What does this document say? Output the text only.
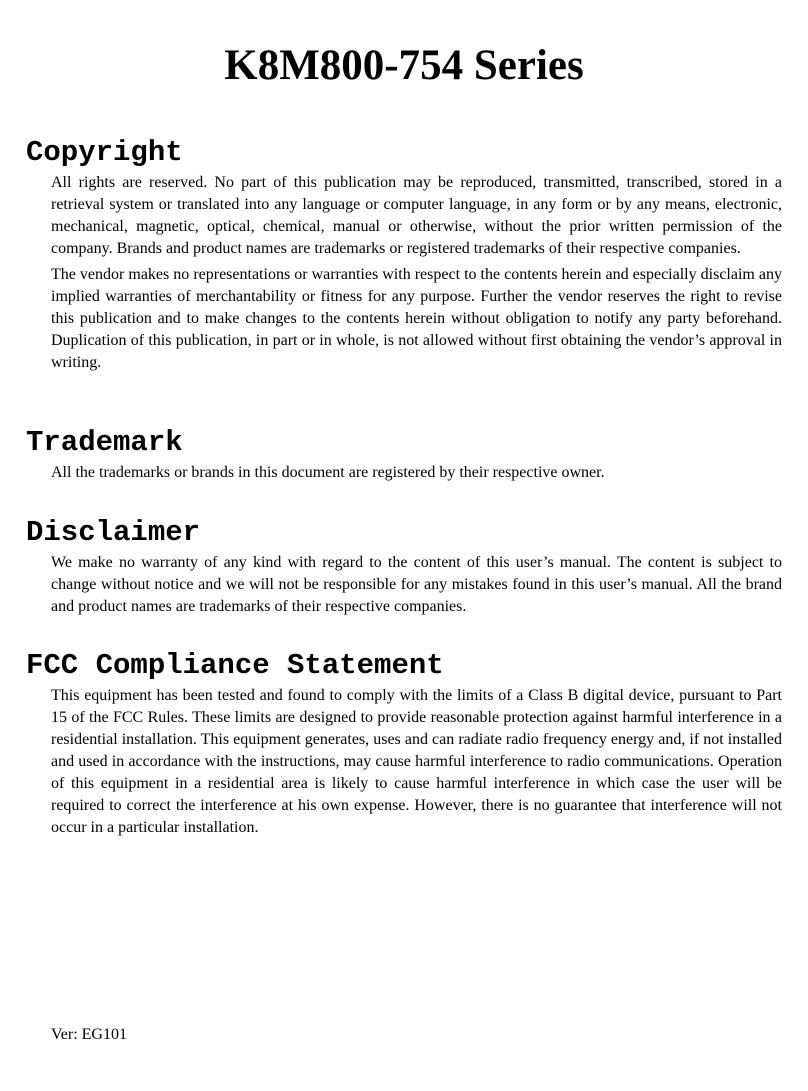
K8M800-754 Series
Copyright

All rights are reserved. No part of this publication may be reproduced, transmitted, transcribed, stored in a retrieval system or translated into any language or computer language, in any form or by any means, electronic, mechanical, magnetic, optical, chemical, manual or otherwise, without the prior written permission of the company. Brands and product names are trademarks or registered trademarks of their respective companies.

The vendor makes no representations or warranties with respect to the contents herein and especially disclaim any implied warranties of merchantability or fitness for any purpose. Further the vendor reserves the right to revise this publication and to make changes to the contents herein without obligation to notify any party beforehand. Duplication of this publication, in part or in whole, is not allowed without first obtaining the vendor’s approval in writing.

Trademark

All the trademarks or brands in this document are registered by their respective owner.

Disclaimer

We make no warranty of any kind with regard to the content of this user’s manual. The content is subject to change without notice and we will not be responsible for any mistakes found in this user’s manual. All the brand and product names are trademarks of their respective companies.

FCC Compliance Statement

This equipment has been tested and found to comply with the limits of a Class B digital device, pursuant to Part 15 of the FCC Rules. These limits are designed to provide reasonable protection against harmful interference in a residential installation. This equipment generates, uses and can radiate radio frequency energy and, if not installed and used in accordance with the instructions, may cause harmful interference to radio communications. Operation of this equipment in a residential area is likely to cause harmful interference in which case the user will be required to correct the interference at his own expense. However, there is no guarantee that interference will not occur in a particular installation.

Ver: EG101
